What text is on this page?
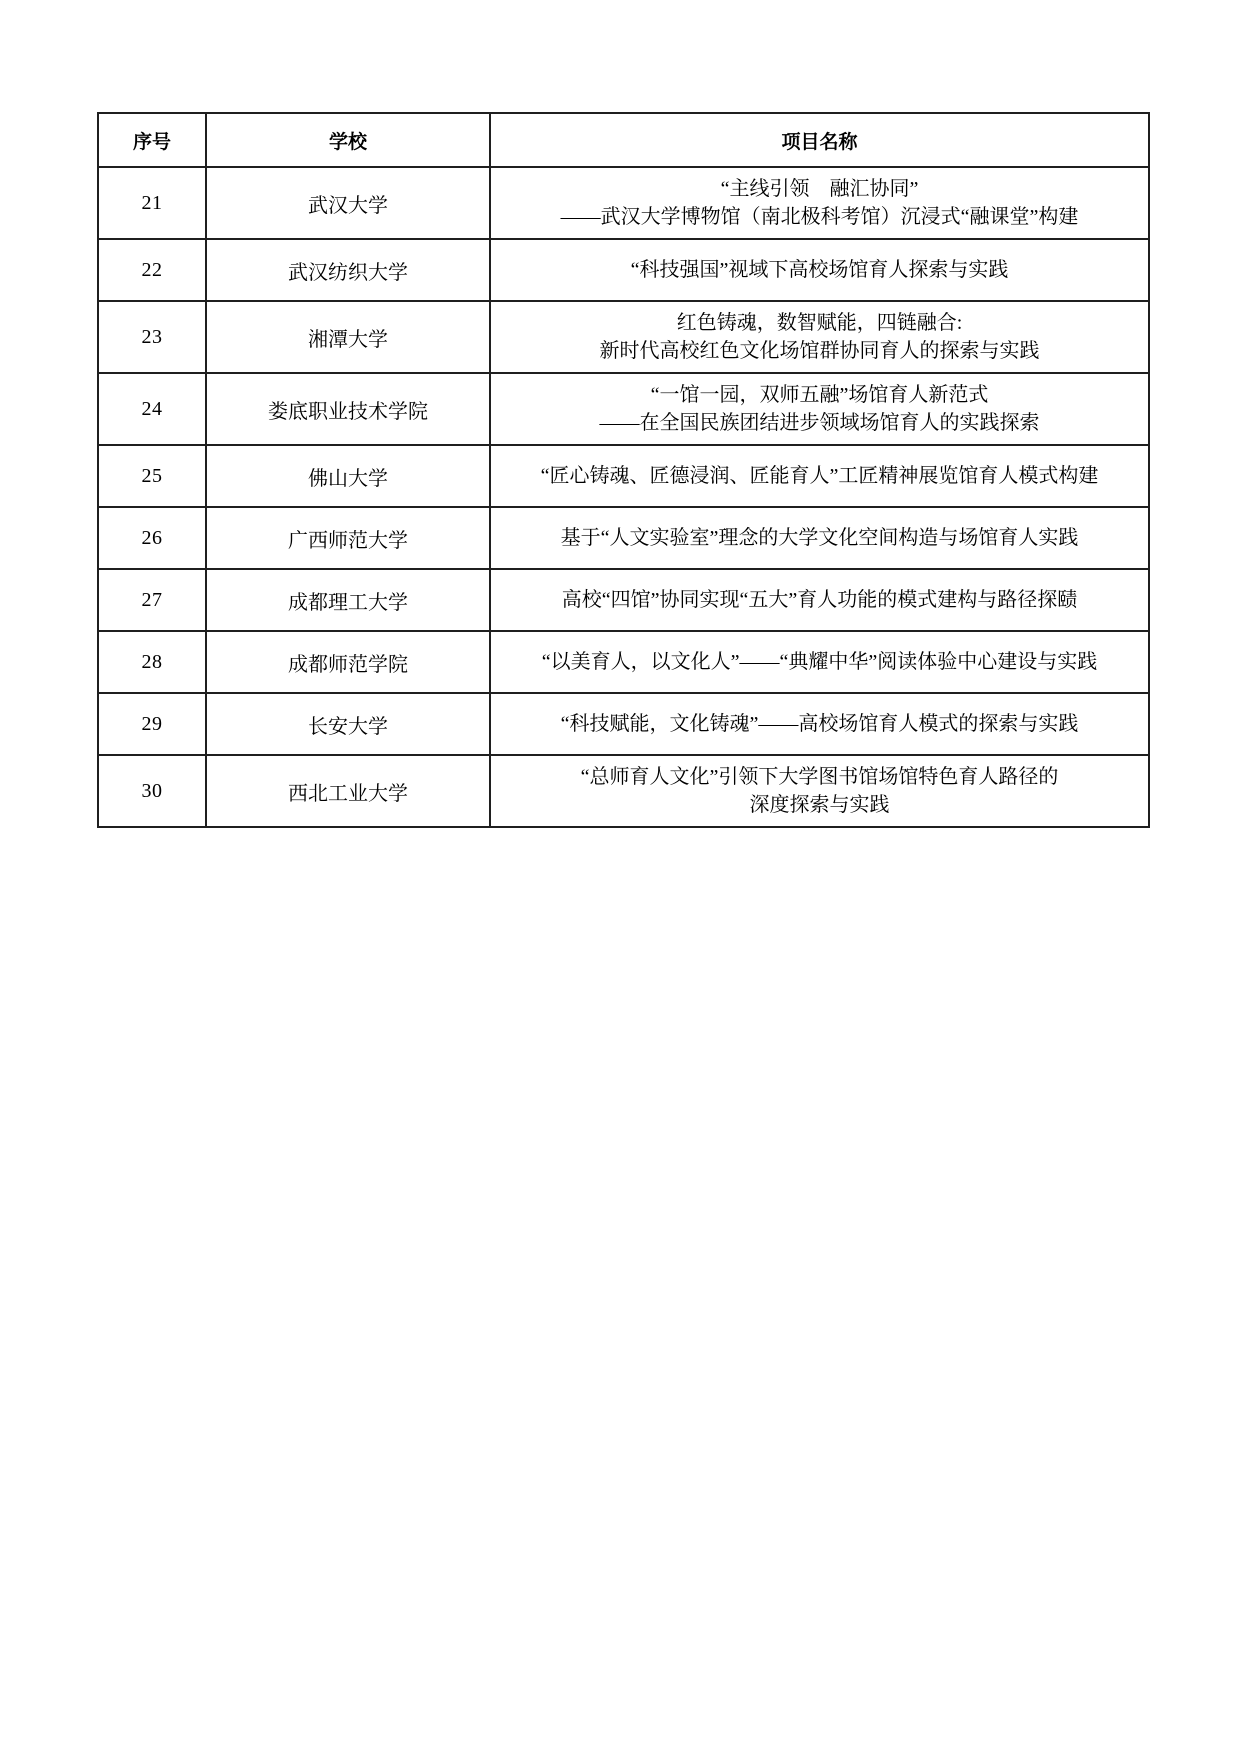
序号	学校	项目名称
21	武汉大学	“主线引领　融汇协同”
——武汉大学博物馆（南北极科考馆）沉浸式“融课堂”构建

22	武汉纺织大学	“科技强国”视域下高校场馆育人探索与实践

23	湘潭大学	红色铸魂，数智赋能，四链融合:
新时代高校红色文化场馆群协同育人的探索与实践

24	娄底职业技术学院	“一馆一园，双师五融”场馆育人新范式
——在全国民族团结进步领域场馆育人的实践探索

25	佛山大学	“匠心铸魂、匠德浸润、匠能育人”工匠精神展览馆育人模式构建

26	广西师范大学	基于“人文实验室”理念的大学文化空间构造与场馆育人实践

27	成都理工大学	高校“四馆”协同实现“五大”育人功能的模式建构与路径探赜

28	成都师范学院	“以美育人，以文化人”——“典耀中华”阅读体验中心建设与实践

29	长安大学	“科技赋能，文化铸魂”——高校场馆育人模式的探索与实践

30	西北工业大学	“总师育人文化”引领下大学图书馆场馆特色育人路径的
深度探索与实践
